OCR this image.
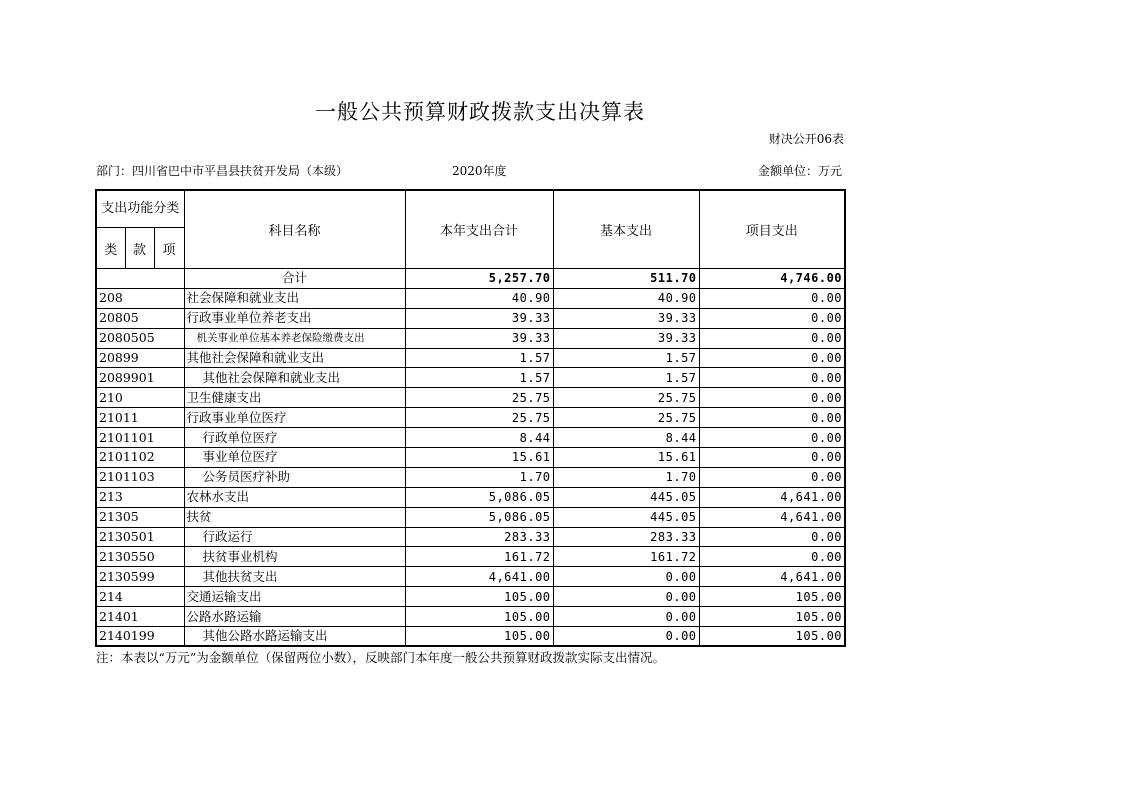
一般公共预算财政拨款支出决算表
财决公开06表
部门：四川省巴中市平昌县扶贫开发局（本级）	2020年度	金额单位：万元
支出功能分类			科目名称	本年支出合计	基本支出	项目支出
类	款	项				
			合计	5,257.70	511.70	4,746.00
208			社会保障和就业支出	40.90	40.90	0.00
20805			行政事业单位养老支出	39.33	39.33	0.00
2080505			机关事业单位基本养老保险缴费支出	39.33	39.33	0.00
20899			其他社会保障和就业支出	1.57	1.57	0.00
2089901			其他社会保障和就业支出	1.57	1.57	0.00
210			卫生健康支出	25.75	25.75	0.00
21011			行政事业单位医疗	25.75	25.75	0.00
2101101			行政单位医疗	8.44	8.44	0.00
2101102			事业单位医疗	15.61	15.61	0.00
2101103			公务员医疗补助	1.70	1.70	0.00
213			农林水支出	5,086.05	445.05	4,641.00
21305			扶贫	5,086.05	445.05	4,641.00
2130501			行政运行	283.33	283.33	0.00
2130550			扶贫事业机构	161.72	161.72	0.00
2130599			其他扶贫支出	4,641.00	0.00	4,641.00
214			交通运输支出	105.00	0.00	105.00
21401			公路水路运输	105.00	0.00	105.00
2140199			其他公路水路运输支出	105.00	0.00	105.00
注：本表以“万元”为金额单位（保留两位小数），反映部门本年度一般公共预算财政拨款实际支出情况。
